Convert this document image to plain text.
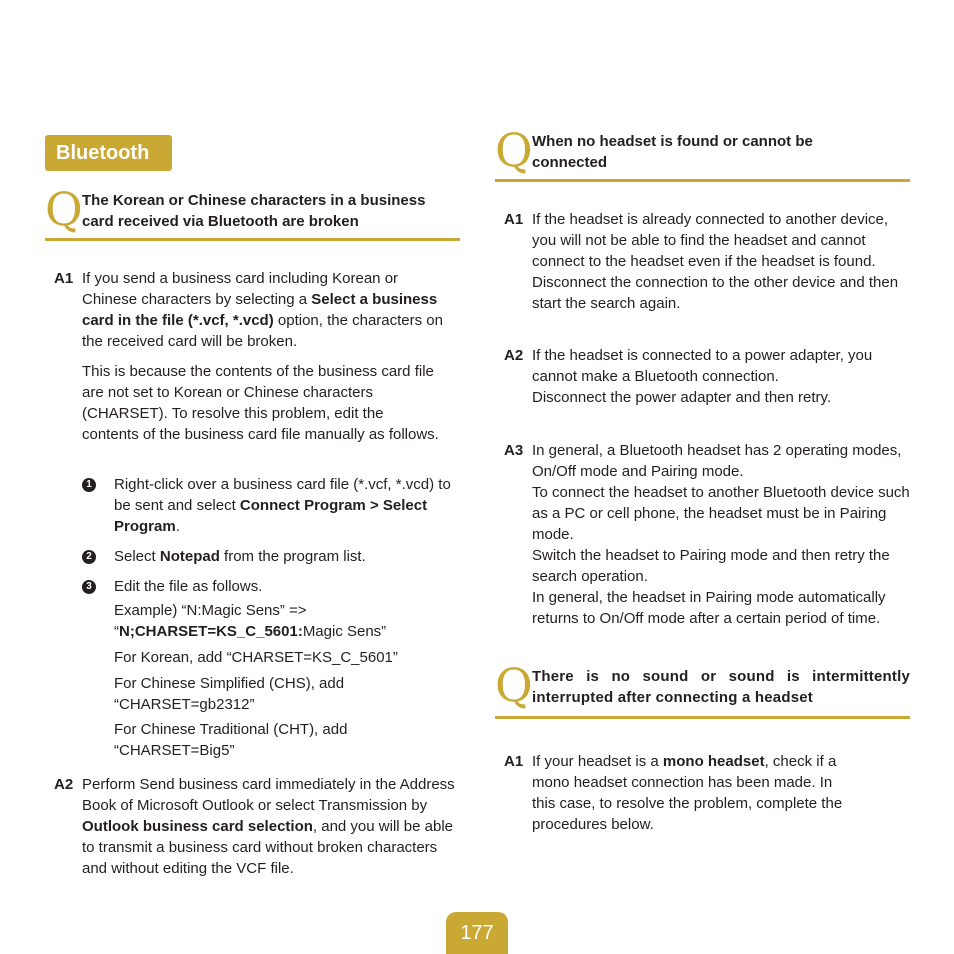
Bluetooth
Q The Korean or Chinese characters in a business card received via Bluetooth are broken
A1 If you send a business card including Korean or Chinese characters by selecting a Select a business card in the file (*.vcf, *.vcd) option, the characters on the received card will be broken.
This is because the contents of the business card file are not set to Korean or Chinese characters (CHARSET). To resolve this problem, edit the contents of the business card file manually as follows.
1 Right-click over a business card file (*.vcf, *.vcd) to be sent and select Connect Program > Select Program.
2 Select Notepad from the program list.
3 Edit the file as follows.
Example) “N:Magic Sens” =>
“N;CHARSET=KS_C_5601:Magic Sens”
For Korean, add “CHARSET=KS_C_5601”
For Chinese Simplified (CHS), add “CHARSET=gb2312”
For Chinese Traditional (CHT), add “CHARSET=Big5”
A2 Perform Send business card immediately in the Address Book of Microsoft Outlook or select Transmission by Outlook business card selection, and you will be able to transmit a business card without broken characters and without editing the VCF file.
Q When no headset is found or cannot be connected
A1 If the headset is already connected to another device, you will not be able to find the headset and cannot connect to the headset even if the headset is found. Disconnect the connection to the other device and then start the search again.
A2 If the headset is connected to a power adapter, you cannot make a Bluetooth connection.
Disconnect the power adapter and then retry.
A3 In general, a Bluetooth headset has 2 operating modes, On/Off mode and Pairing mode.
To connect the headset to another Bluetooth device such as a PC or cell phone, the headset must be in Pairing mode.
Switch the headset to Pairing mode and then retry the search operation.
In general, the headset in Pairing mode automatically returns to On/Off mode after a certain period of time.
Q There is no sound or sound is intermittently interrupted after connecting a headset
A1 If your headset is a mono headset, check if a mono headset connection has been made. In this case, to resolve the problem, complete the procedures below.
177
